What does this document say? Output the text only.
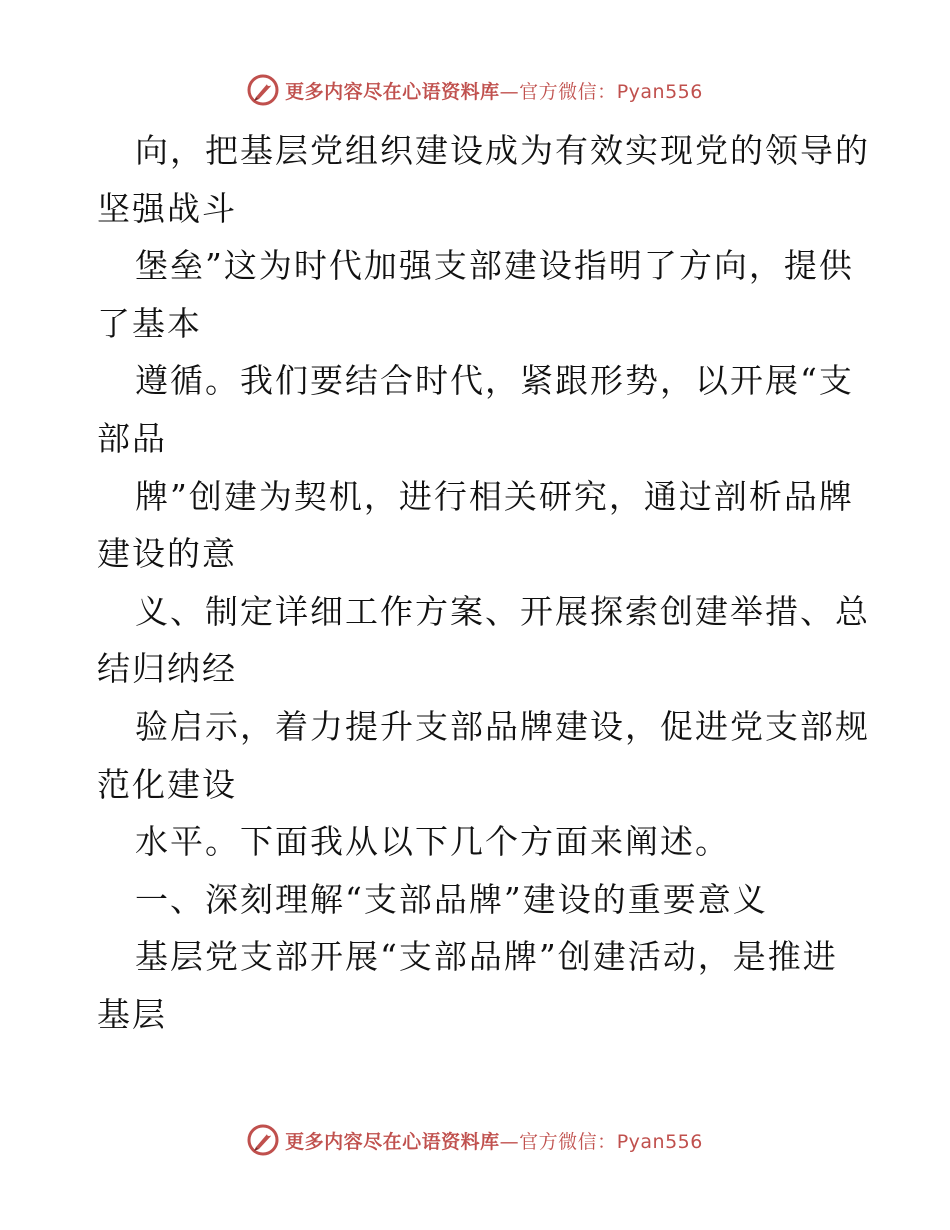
更多内容尽在心语资料库—官方微信：Pyan556
向，把基层党组织建设成为有效实现党的领导的
坚强战斗
堡垒”这为时代加强支部建设指明了方向，提供
了基本
遵循。我们要结合时代，紧跟形势，以开展“支
部品
牌”创建为契机，进行相关研究，通过剖析品牌
建设的意
义、制定详细工作方案、开展探索创建举措、总
结归纳经
验启示，着力提升支部品牌建设，促进党支部规
范化建设
水平。下面我从以下几个方面来阐述。
一、深刻理解“支部品牌”建设的重要意义
基层党支部开展“支部品牌”创建活动，是推进
基层
更多内容尽在心语资料库—官方微信：Pyan556
